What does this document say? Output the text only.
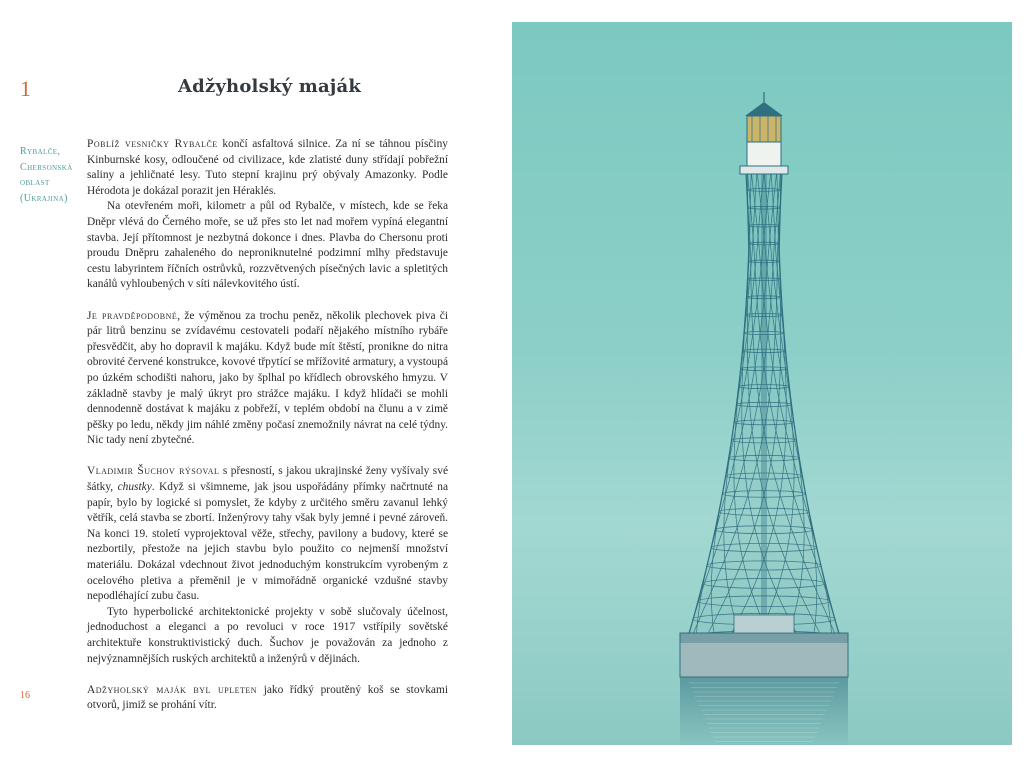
1	Adžyholský maják
Rybalče,
Chersonská
oblast
(Ukrajina)

Poblíž vesničky Rybalče končí asfaltová silnice. Za ní se táhnou písčiny Kinburnské kosy, odloučené od civilizace, kde zlatisté duny střídají pobřežní saliny a jehličnaté lesy. Tuto stepní krajinu prý obývaly Amazonky. Podle Hérodota je dokázal porazit jen Héraklés.

Na otevřeném moři, kilometr a půl od Rybalče, v místech, kde se řeka Dněpr vlévá do Černého moře, se už přes sto let nad mořem vypíná elegantní stavba. Její přítomnost je nezbytná dokonce i dnes. Plavba do Chersonu proti proudu Dněpru zahaleného do neproniknutelné podzimní mlhy představuje cestu labyrintem říčních ostrůvků, rozzvětvených písečných lavic a spletitých kanálů vyhloubených v síti nálevkovitého ústí.

Je pravděpodobné, že výměnou za trochu peněz, několik plechovek piva či pár litrů benzinu se zvídavému cestovateli podaří nějakého místního rybáře přesvědčit, aby ho dopravil k majáku. Když bude mít štěstí, pronikne do nitra obrovité červené konstrukce, kovové třpytící se mřížovité armatury, a vystoupá po úzkém schodišti nahoru, jako by šplhal po křídlech obrovského hmyzu. V základně stavby je malý úkryt pro strážce majáku. I když hlídači se mohli dennodenně dostávat k majáku z pobřeží, v teplém období na člunu a v zimě pěšky po ledu, někdy jim náhlé změny počasí znemožnily návrat na celé týdny. Nic tady není zbytečné.

Vladimir Šuchov rýsoval s přesností, s jakou ukrajinské ženy vyšívaly své šátky, chustky. Když si všimneme, jak jsou uspořádány přímky načrtnuté na papír, bylo by logické si pomyslet, že kdyby z určitého směru zavanul lehký větřík, celá stavba se zbortí. Inženýrovy tahy však byly jemné i pevné zároveň. Na konci 19. století vyprojektoval věže, střechy, pavilony a budovy, které se nezbortily, přestože na jejich stavbu bylo použito co nejmenší množství materiálu. Dokázal vdechnout život jednoduchým konstrukcím vyrobeným z ocelového pletiva a přeměnil je v mimořádně organické vzdušné stavby nepodléhající zubu času.

Tyto hyperbolické architektonické projekty v sobě slučovaly účelnost, jednoduchost a eleganci a po revoluci v roce 1917 vstřípily sovětské architektuře konstruktivistický duch. Šuchov je považován za jednoho z nejvýznamnějších ruských architektů a inženýrů v dějinách.

Adžyholský maják byl upleten jako řídký proutěný koš se stovkami otvorů, jimiž se prohání vítr.

16
